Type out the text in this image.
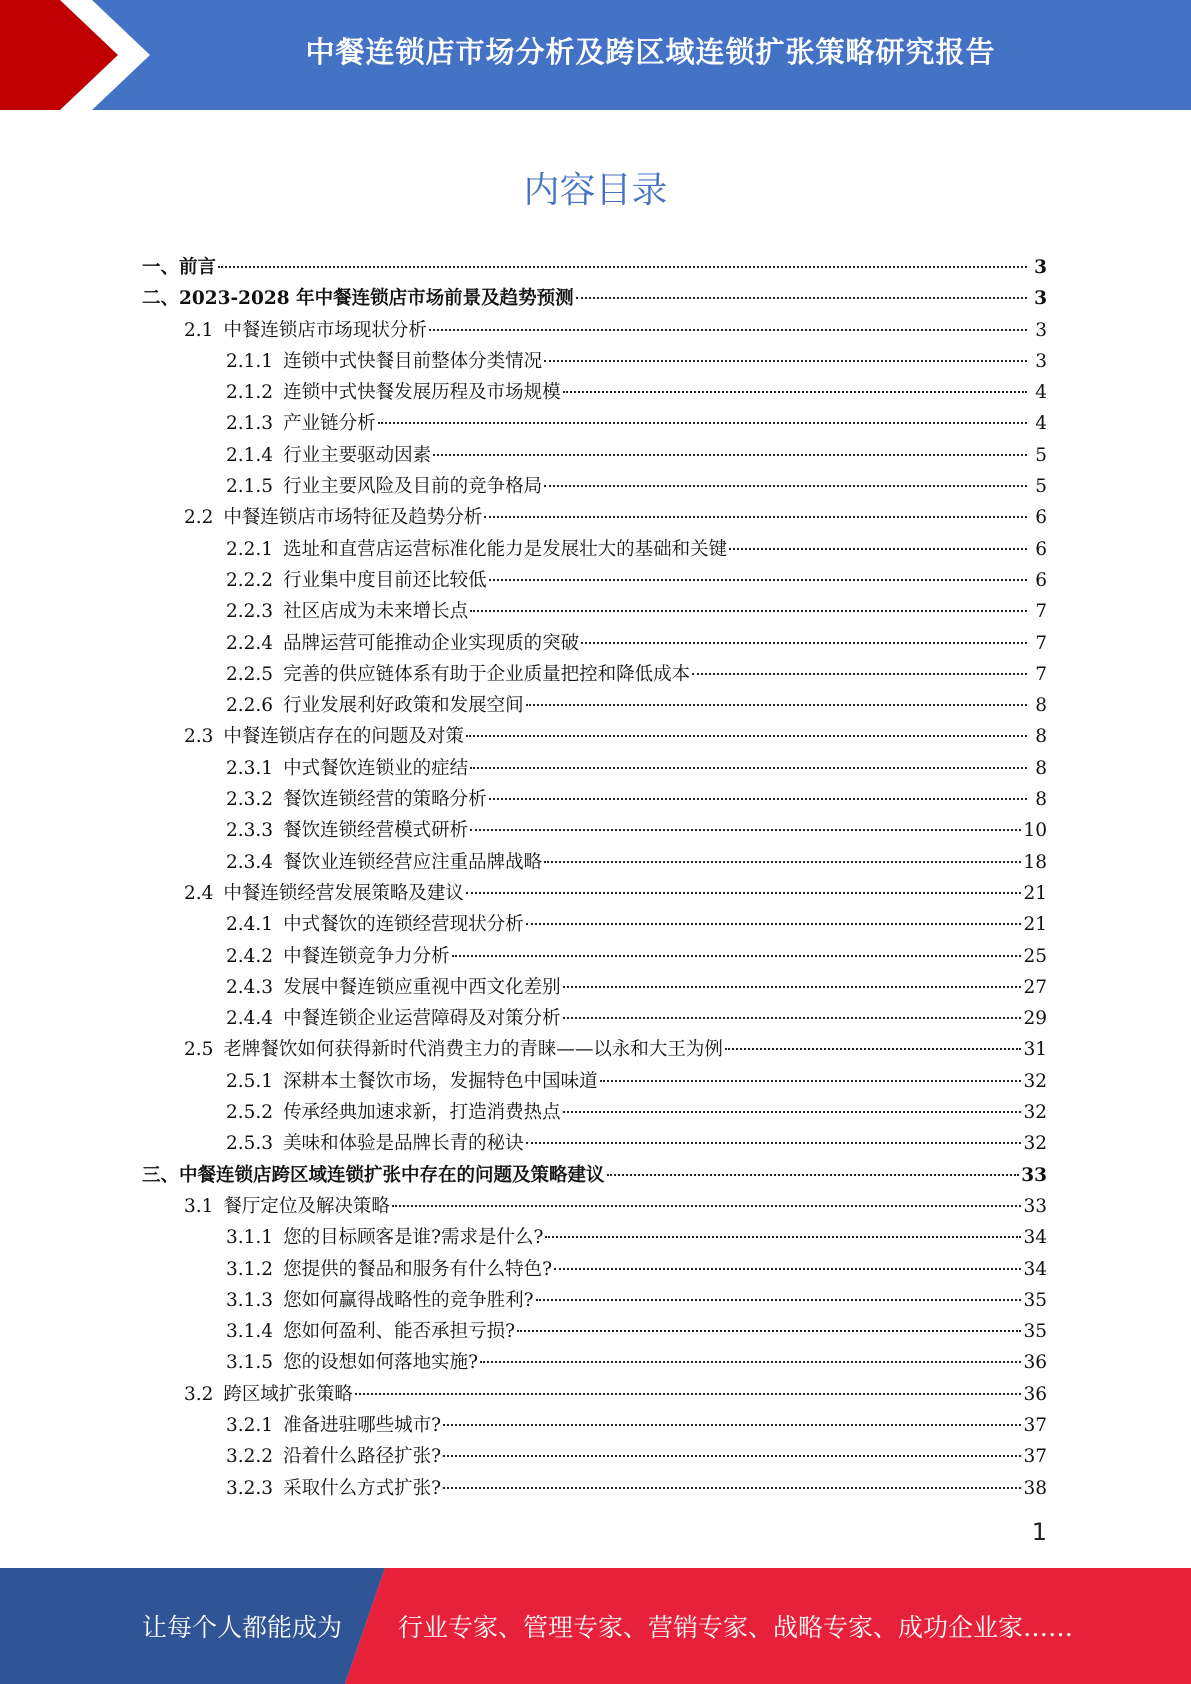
中餐连锁店市场分析及跨区域连锁扩张策略研究报告
内容目录
一、 前言	3
二、 2023-2028 年中餐连锁店市场前景及趋势预测	3
2.1 中餐连锁店市场现状分析	3
2.1.1 连锁中式快餐目前整体分类情况	3
2.1.2 连锁中式快餐发展历程及市场规模	4
2.1.3 产业链分析	4
2.1.4 行业主要驱动因素	5
2.1.5 行业主要风险及目前的竞争格局	5
2.2 中餐连锁店市场特征及趋势分析	6
2.2.1 选址和直营店运营标准化能力是发展壮大的基础和关键	6
2.2.2 行业集中度目前还比较低	6
2.2.3 社区店成为未来增长点	7
2.2.4 品牌运营可能推动企业实现质的突破	7
2.2.5 完善的供应链体系有助于企业质量把控和降低成本	7
2.2.6 行业发展利好政策和发展空间	8
2.3 中餐连锁店存在的问题及对策	8
2.3.1 中式餐饮连锁业的症结	8
2.3.2 餐饮连锁经营的策略分析	8
2.3.3 餐饮连锁经营模式研析	10
2.3.4 餐饮业连锁经营应注重品牌战略	18
2.4 中餐连锁经营发展策略及建议	21
2.4.1 中式餐饮的连锁经营现状分析	21
2.4.2 中餐连锁竞争力分析	25
2.4.3 发展中餐连锁应重视中西文化差别	27
2.4.4 中餐连锁企业运营障碍及对策分析	29
2.5 老牌餐饮如何获得新时代消费主力的青睐——以永和大王为例	31
2.5.1 深耕本土餐饮市场，发掘特色中国味道	32
2.5.2 传承经典加速求新，打造消费热点	32
2.5.3 美味和体验是品牌长青的秘诀	32
三、 中餐连锁店跨区域连锁扩张中存在的问题及策略建议	33
3.1 餐厅定位及解决策略	33
3.1.1 您的目标顾客是谁?需求是什么?	34
3.1.2 您提供的餐品和服务有什么特色?	34
3.1.3 您如何赢得战略性的竞争胜利?	35
3.1.4 您如何盈利、能否承担亏损?	35
3.1.5 您的设想如何落地实施?	36
3.2 跨区域扩张策略	36
3.2.1 准备进驻哪些城市?	37
3.2.2 沿着什么路径扩张?	37
3.2.3 采取什么方式扩张?	38
1
让每个人都能成为 行业专家、管理专家、营销专家、战略专家、成功企业家……
